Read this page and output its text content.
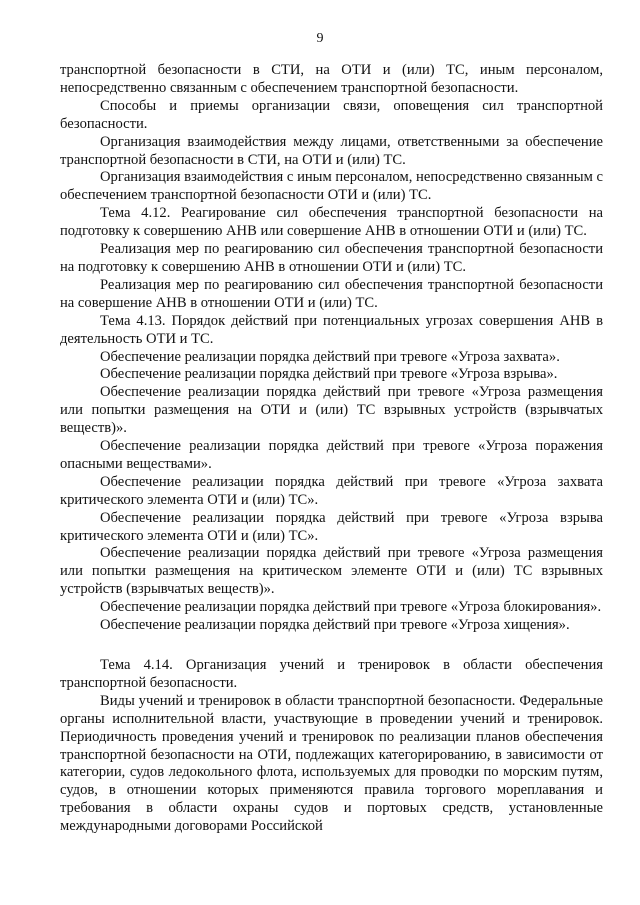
9

транспортной безопасности в СТИ, на ОТИ и (или) ТС, иным персоналом, непосредственно связанным с обеспечением транспортной безопасности.

Способы и приемы организации связи, оповещения сил транспортной безопасности.

Организация взаимодействия между лицами, ответственными за обеспечение транспортной безопасности в СТИ, на ОТИ и (или) ТС.

Организация взаимодействия с иным персоналом, непосредственно связанным с обеспечением транспортной безопасности ОТИ и (или) ТС.

Тема 4.12. Реагирование сил обеспечения транспортной безопасности на подготовку к совершению АНВ или совершение АНВ в отношении ОТИ и (или) ТС.

Реализация мер по реагированию сил обеспечения транспортной безопасности на подготовку к совершению АНВ в отношении ОТИ и (или) ТС.

Реализация мер по реагированию сил обеспечения транспортной безопасности на совершение АНВ в отношении ОТИ и (или) ТС.

Тема 4.13. Порядок действий при потенциальных угрозах совершения АНВ в деятельность ОТИ и ТС.

Обеспечение реализации порядка действий при тревоге «Угроза захвата».

Обеспечение реализации порядка действий при тревоге «Угроза взрыва».

Обеспечение реализации порядка действий при тревоге «Угроза размещения или попытки размещения на ОТИ и (или) ТС взрывных устройств (взрывчатых веществ)».

Обеспечение реализации порядка действий при тревоге «Угроза поражения опасными веществами».

Обеспечение реализации порядка действий при тревоге «Угроза захвата критического элемента ОТИ и (или) ТС».

Обеспечение реализации порядка действий при тревоге «Угроза взрыва критического элемента ОТИ и (или) ТС».

Обеспечение реализации порядка действий при тревоге «Угроза размещения или попытки размещения на критическом элементе ОТИ и (или) ТС взрывных устройств (взрывчатых веществ)».

Обеспечение реализации порядка действий при тревоге «Угроза блокирования».

Обеспечение реализации порядка действий при тревоге «Угроза хищения».

Тема 4.14. Организация учений и тренировок в области обеспечения транспортной безопасности.

Виды учений и тренировок в области транспортной безопасности. Федеральные органы исполнительной власти, участвующие в проведении учений и тренировок. Периодичность проведения учений и тренировок по реализации планов обеспечения транспортной безопасности на ОТИ, подлежащих категорированию, в зависимости от категории, судов ледокольного флота, используемых для проводки по морским путям, судов, в отношении которых применяются правила торгового мореплавания и требования в области охраны судов и портовых средств, установленные международными договорами Российской
